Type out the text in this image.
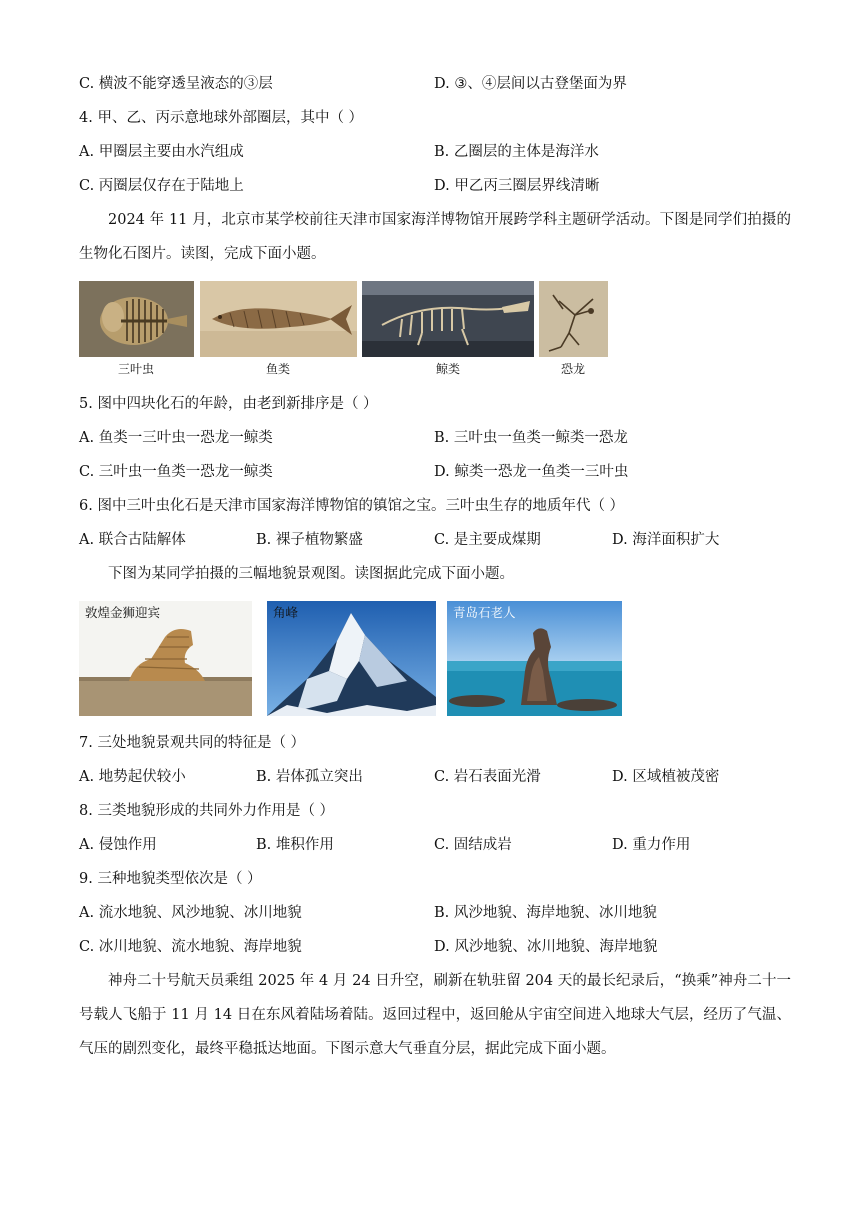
C. 横波不能穿透呈液态的③层	D. ③、④层间以古登堡面为界
4. 甲、乙、丙示意地球外部圈层，其中（ ）
A. 甲圈层主要由水汽组成	B. 乙圈层的主体是海洋水
C. 丙圈层仅存在于陆地上	D. 甲乙丙三圈层界线清晰

2024 年 11 月，北京市某学校前往天津市国家海洋博物馆开展跨学科主题研学活动。下图是同学们拍摄的生物化石图片。读图，完成下面小题。

三叶虫	鱼类	鲸类	恐龙
5. 图中四块化石的年龄，由老到新排序是（ ）
A. 鱼类一三叶虫一恐龙一鲸类	B. 三叶虫一鱼类一鲸类一恐龙
C. 三叶虫一鱼类一恐龙一鲸类	D. 鲸类一恐龙一鱼类一三叶虫
6. 图中三叶虫化石是天津市国家海洋博物馆的镇馆之宝。三叶虫生存的地质年代（ ）
A. 联合古陆解体	B. 裸子植物繁盛	C. 是主要成煤期	D. 海洋面积扩大

下图为某同学拍摄的三幅地貌景观图。读图据此完成下面小题。

敦煌金狮迎宾	角峰	青岛石老人
7. 三处地貌景观共同的特征是（ ）
A. 地势起伏较小	B. 岩体孤立突出	C. 岩石表面光滑	D. 区域植被茂密
8. 三类地貌形成的共同外力作用是（ ）
A. 侵蚀作用	B. 堆积作用	C. 固结成岩	D. 重力作用
9. 三种地貌类型依次是（ ）
A. 流水地貌、风沙地貌、冰川地貌	B. 风沙地貌、海岸地貌、冰川地貌
C. 冰川地貌、流水地貌、海岸地貌	D. 风沙地貌、冰川地貌、海岸地貌

神舟二十号航天员乘组 2025 年 4 月 24 日升空，刷新在轨驻留 204 天的最长纪录后，“换乘”神舟二十一号载人飞船于 11 月 14 日在东风着陆场着陆。返回过程中，返回舱从宇宙空间进入地球大气层，经历了气温、气压的剧烈变化，最终平稳抵达地面。下图示意大气垂直分层，据此完成下面小题。
